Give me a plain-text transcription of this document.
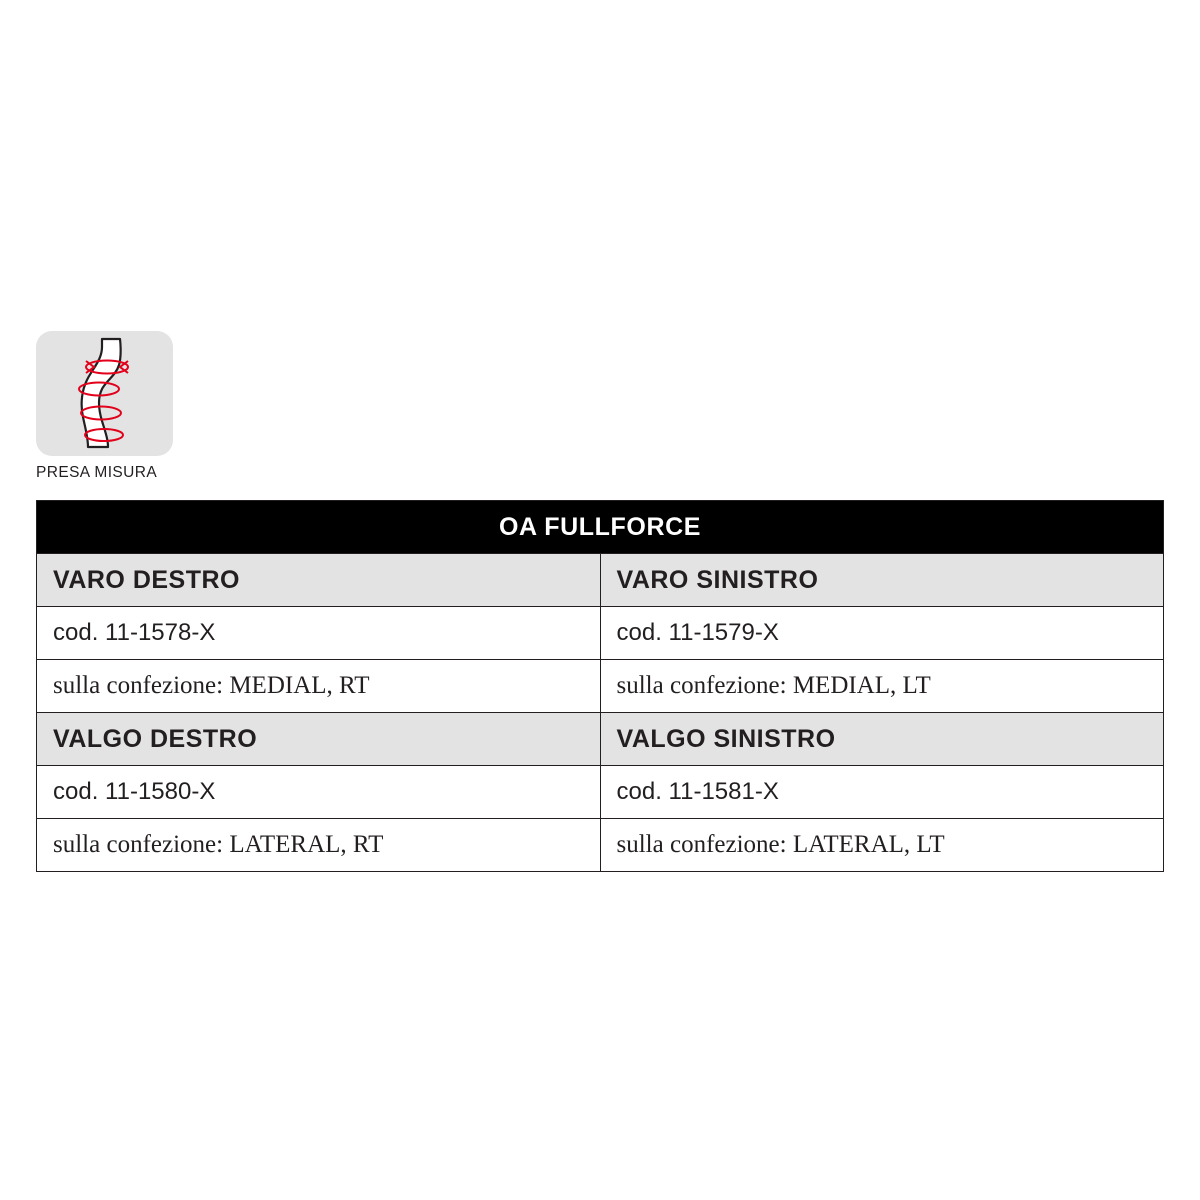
PRESA MISURA
OA FULLFORCE	
VARO DESTRO	VARO SINISTRO
cod. 11-1578-X	cod. 11-1579-X
sulla confezione: MEDIAL, RT	sulla confezione: MEDIAL, LT
VALGO DESTRO	VALGO SINISTRO
cod. 11-1580-X	cod. 11-1581-X
sulla confezione: LATERAL, RT	sulla confezione: LATERAL, LT
